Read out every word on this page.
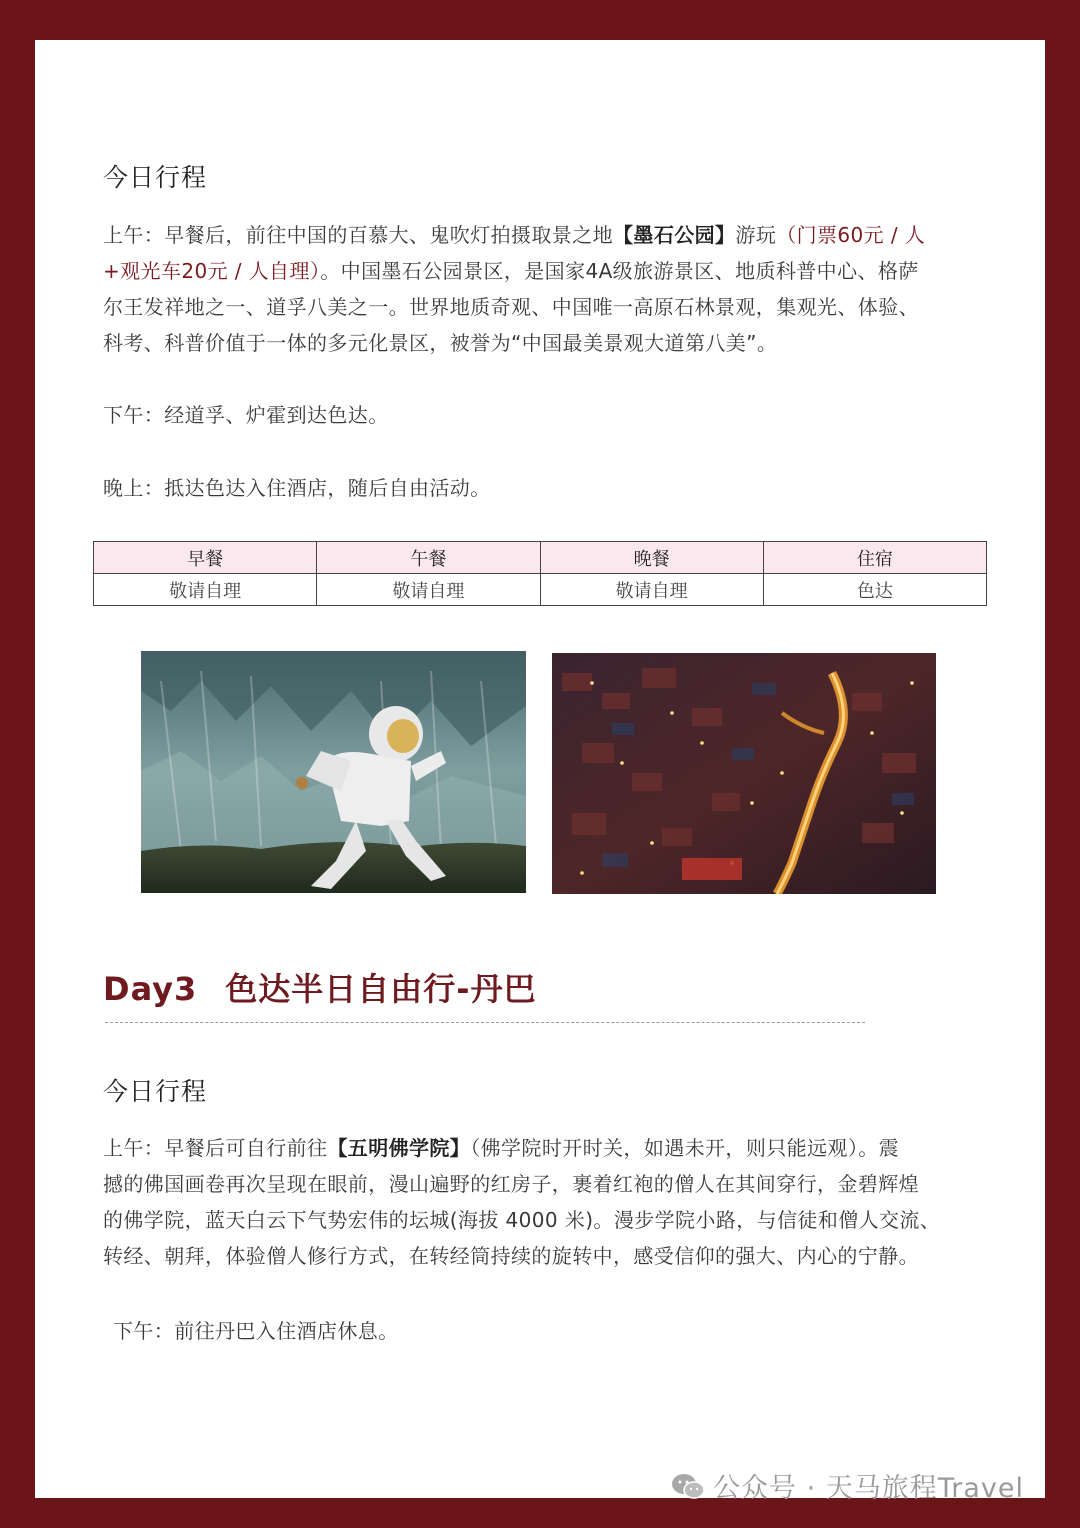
今日行程
上午：早餐后，前往中国的百慕大、鬼吹灯拍摄取景之地【墨石公园】游玩（门票60元 / 人
+观光车20元 / 人自理）。中国墨石公园景区，是国家4A级旅游景区、地质科普中心、格萨
尔王发祥地之一、道孚八美之一。世界地质奇观、中国唯一高原石林景观，集观光、体验、
科考、科普价值于一体的多元化景区，被誉为“中国最美景观大道第八美”。
下午：经道孚、炉霍到达色达。
晚上：抵达色达入住酒店，随后自由活动。
早餐	午餐	晚餐	住宿
敬请自理	敬请自理	敬请自理	色达
Day3 色达半日自由行-丹巴
今日行程
上午：早餐后可自行前往【五明佛学院】（佛学院时开时关，如遇未开，则只能远观）。震
撼的佛国画卷再次呈现在眼前，漫山遍野的红房子，裹着红袍的僧人在其间穿行，金碧辉煌
的佛学院，蓝天白云下气势宏伟的坛城(海拔 4000 米)。漫步学院小路，与信徒和僧人交流、
转经、朝拜，体验僧人修行方式，在转经筒持续的旋转中，感受信仰的强大、内心的宁静。
下午：前往丹巴入住酒店休息。
公众号 · 天马旅程Travel
